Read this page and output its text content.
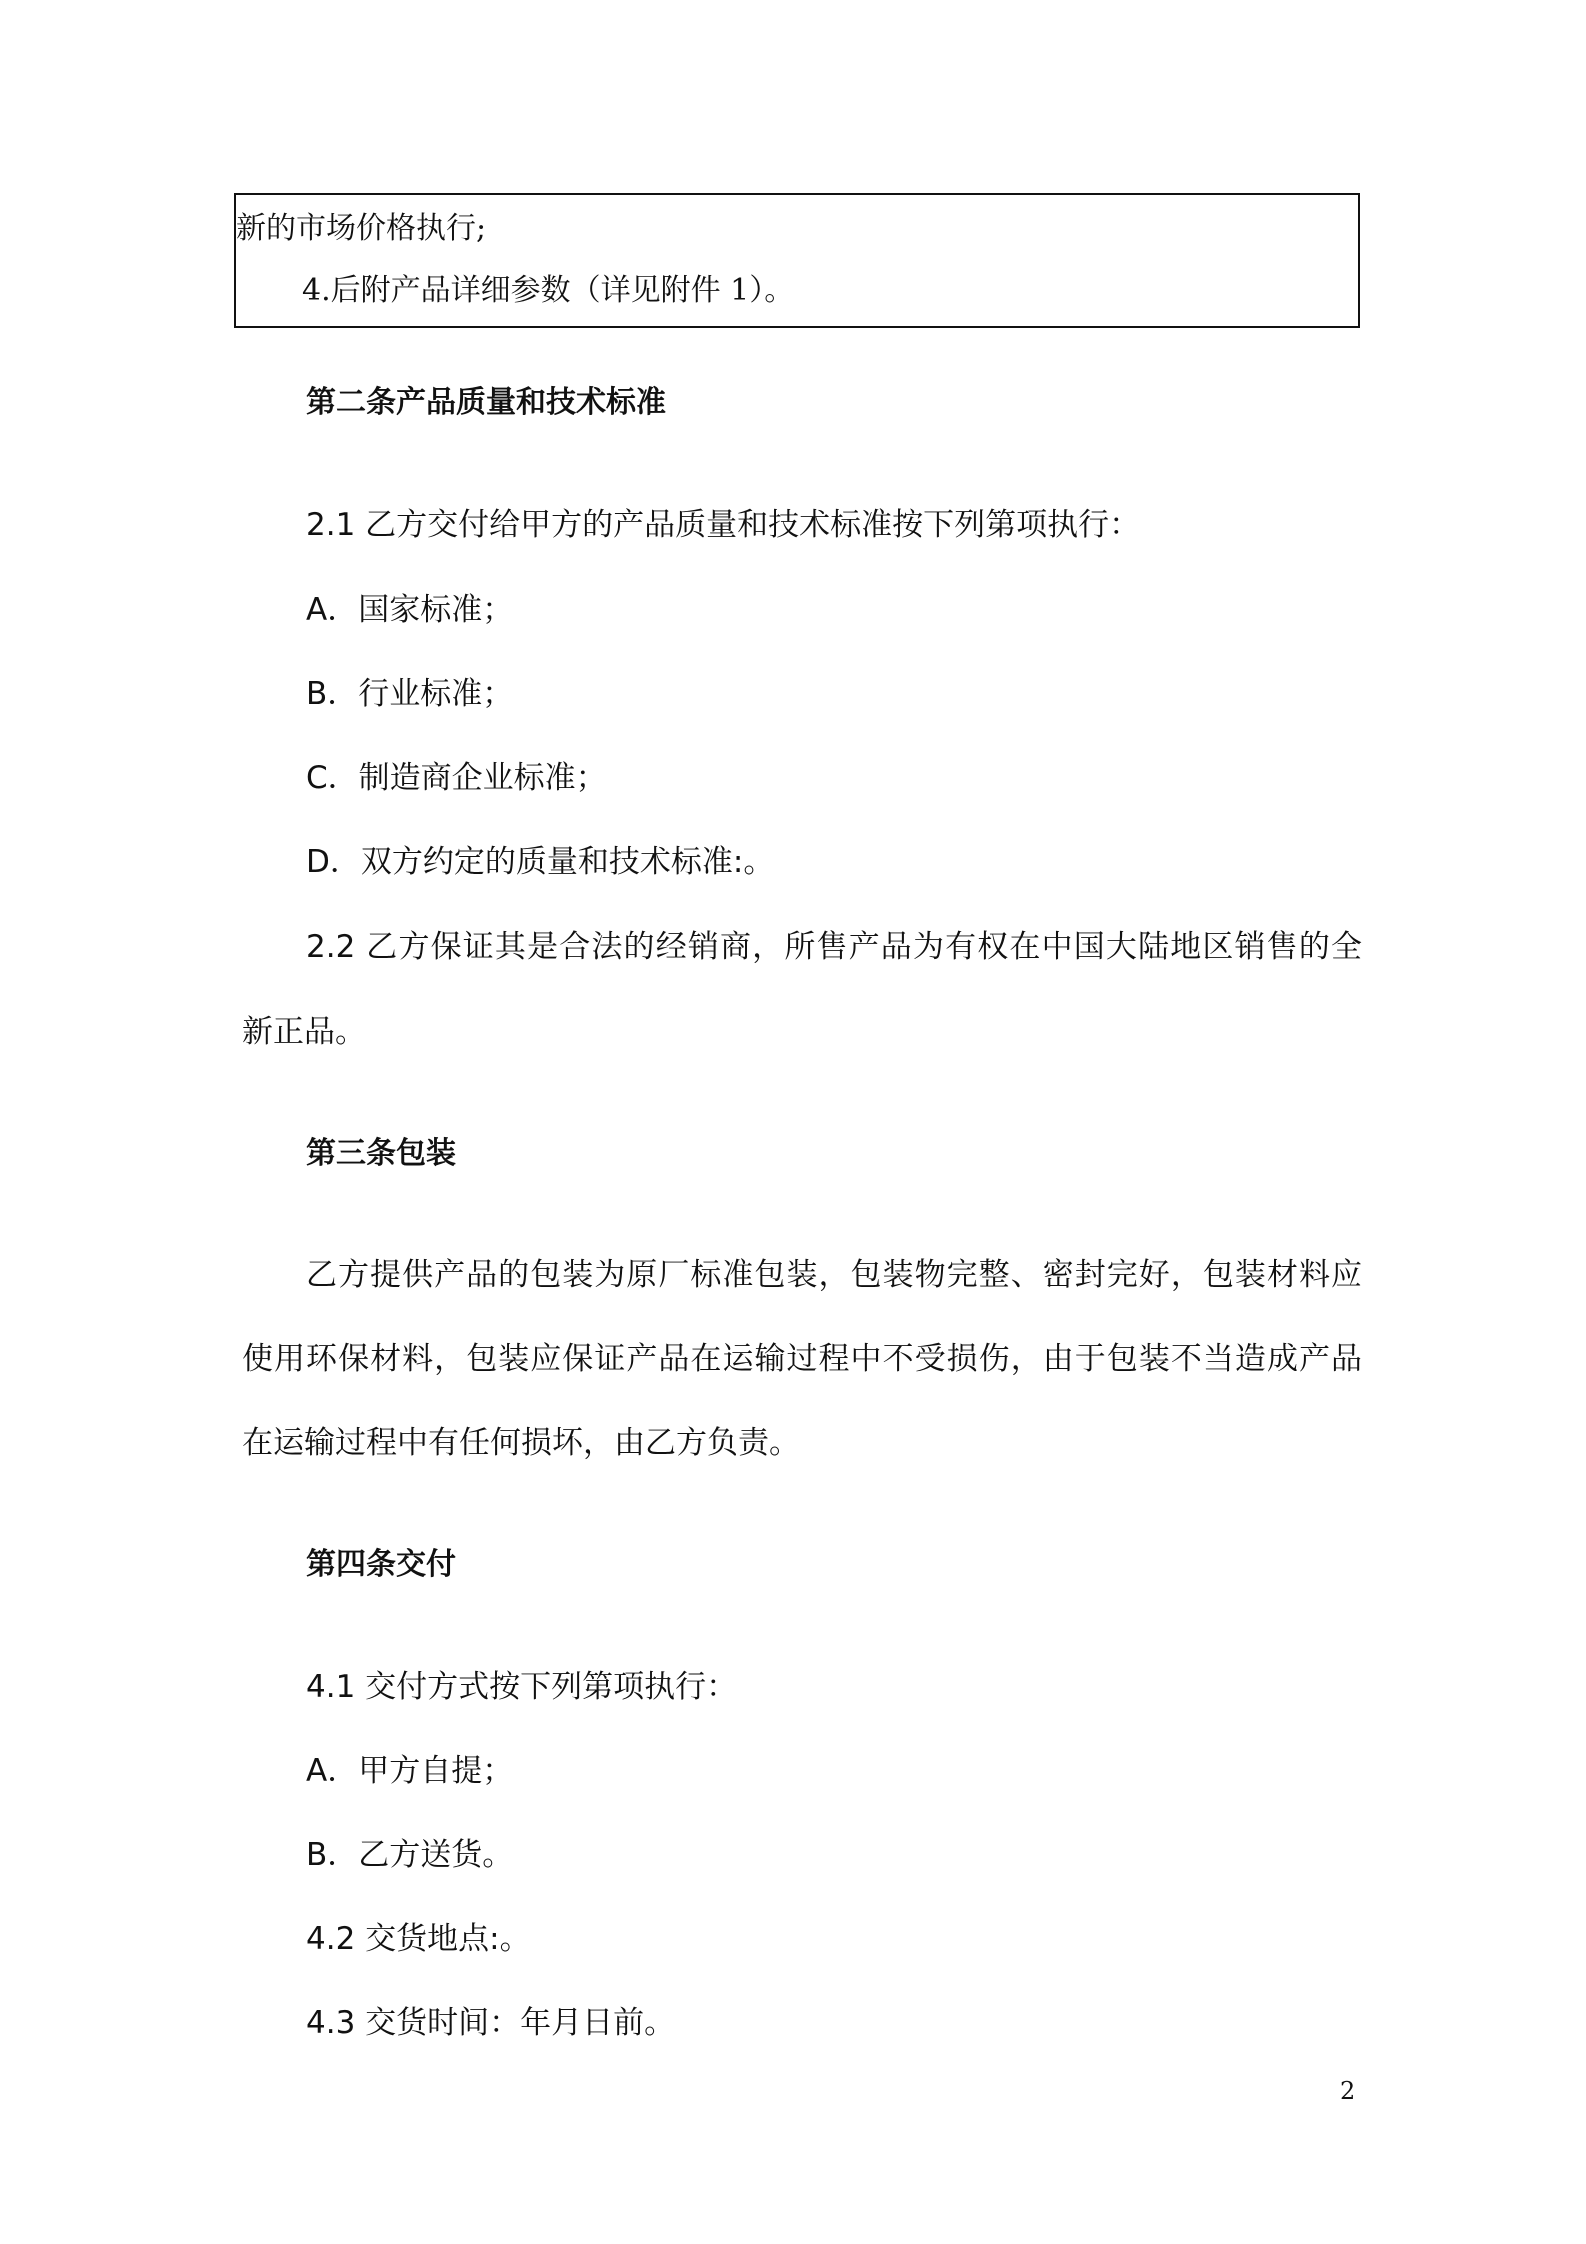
新的市场价格执行;
4.后附产品详细参数（详见附件 1）。
第二条产品质量和技术标准
2.1 乙方交付给甲方的产品质量和技术标准按下列第项执行：
A．国家标准；
B．行业标准；
C．制造商企业标准；
D．双方约定的质量和技术标准:。
2.2 乙方保证其是合法的经销商，所售产品为有权在中国大陆地区销售的全
新正品。
第三条包装
乙方提供产品的包装为原厂标准包装，包装物完整、密封完好，包装材料应
使用环保材料，包装应保证产品在运输过程中不受损伤，由于包装不当造成产品
在运输过程中有任何损坏，由乙方负责。
第四条交付
4.1 交付方式按下列第项执行：
A．甲方自提；
B．乙方送货。
4.2 交货地点:。
4.3 交货时间：年月日前。
2
